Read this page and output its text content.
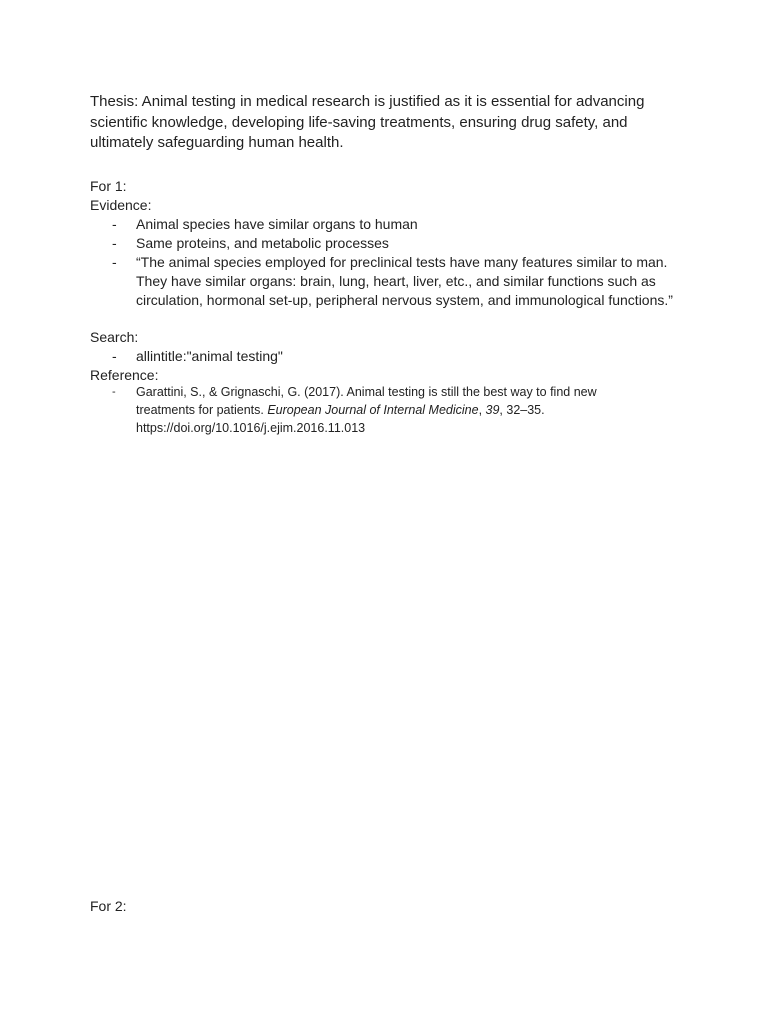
Thesis: Animal testing in medical research is justified as it is essential for advancing scientific knowledge, developing life-saving treatments, ensuring drug safety, and ultimately safeguarding human health.

For 1:

Evidence:

- Animal species have similar organs to human
- Same proteins, and metabolic processes
- “The animal species employed for preclinical tests have many features similar to man. They have similar organs: brain, lung, heart, liver, etc., and similar functions such as circulation, hormonal set-up, peripheral nervous system, and immunological functions.”

Search:

- allintitle:"animal testing"

Reference:

- Garattini, S., & Grignaschi, G. (2017). Animal testing is still the best way to find new
treatments for patients. European Journal of Internal Medicine, 39, 32–35.
https://doi.org/10.1016/j.ejim.2016.11.013

For 2:
